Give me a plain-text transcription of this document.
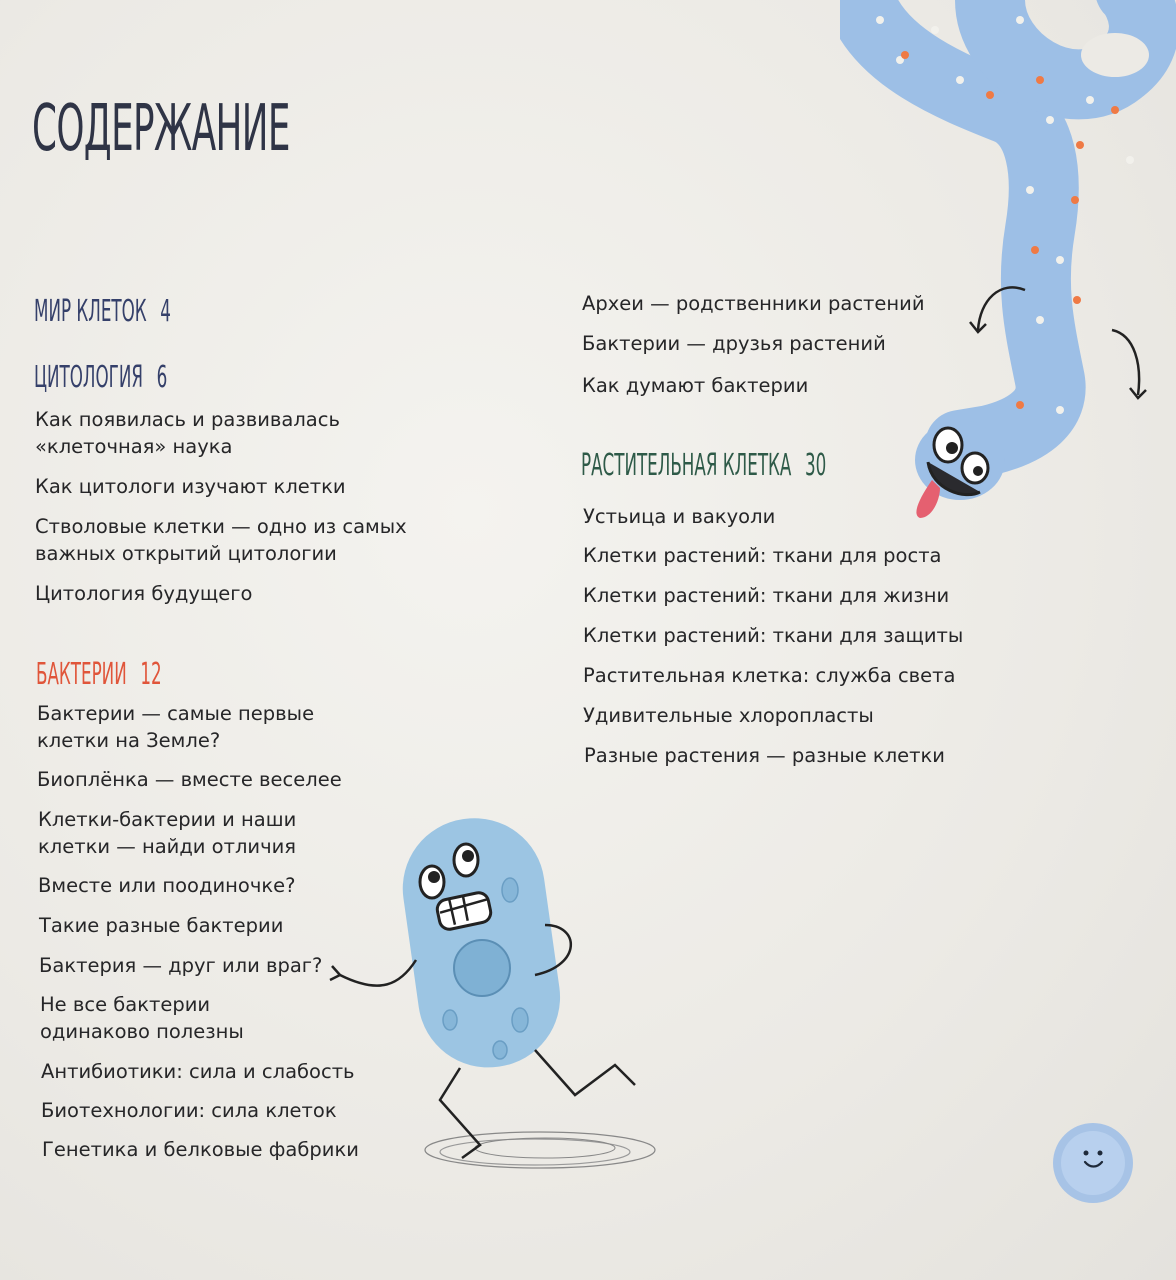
СОДЕРЖАНИЕ
МИР КЛЕТОК 4
ЦИТОЛОГИЯ 6
Как появилась и развивалась
«клеточная» наука
Как цитологи изучают клетки
Стволовые клетки — одно из самых
важных открытий цитологии
Цитология будущего
БАКТЕРИИ 12
Бактерии — самые первые
клетки на Земле?
Биоплёнка — вместе веселее
Клетки-бактерии и наши
клетки — найди отличия
Вместе или поодиночке?
Такие разные бактерии
Бактерия — друг или враг?
Не все бактерии
одинаково полезны
Антибиотики: сила и слабость
Биотехнологии: сила клеток
Генетика и белковые фабрики
Археи — родственники растений
Бактерии — друзья растений
Как думают бактерии
РАСТИТЕЛЬНАЯ КЛЕТКА 30
Устьица и вакуоли
Клетки растений: ткани для роста
Клетки растений: ткани для жизни
Клетки растений: ткани для защиты
Растительная клетка: служба света
Удивительные хлоропласты
Разные растения — разные клетки
